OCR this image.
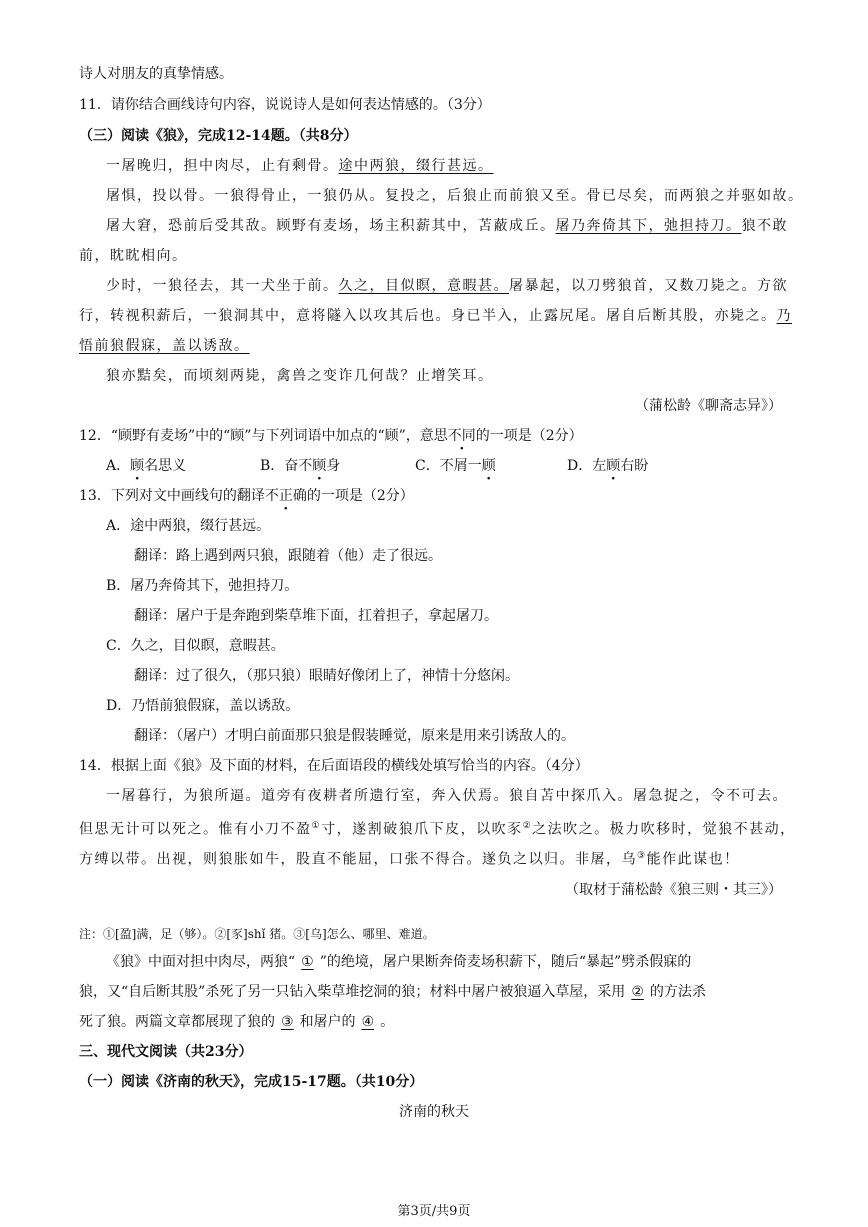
诗人对朋友的真挚情感。
11．请你结合画线诗句内容，说说诗人是如何表达情感的。（3分）
（三）阅读《狼》，完成12-14题。（共8分）
一屠晚归，担中肉尽，止有剩骨。途中两狼，缀行甚远。
屠惧，投以骨。一狼得骨止，一狼仍从。复投之，后狼止而前狼又至。骨已尽矣，而两狼之并驱如故。
屠大窘，恐前后受其敌。顾野有麦场，场主积薪其中，苫蔽成丘。屠乃奔倚其下，弛担持刀。狼不敢
前，眈眈相向。
少时，一狼径去，其一犬坐于前。久之，目似瞑，意暇甚。屠暴起，以刀劈狼首，又数刀毙之。方欲
行，转视积薪后，一狼洞其中，意将隧入以攻其后也。身已半入，止露尻尾。屠自后断其股，亦毙之。乃
悟前狼假寐，盖以诱敌。
狼亦黠矣，而顷刻两毙，禽兽之变诈几何哉？止增笑耳。
（蒲松龄《聊斋志异》）
12．“顾野有麦场”中的“顾”与下列词语中加点的“顾”，意思不同的一项是（2分）
A．顾名思义	B．奋不顾身	C．不屑一顾	D．左顾右盼
13．下列对文中画线句的翻译不正确的一项是（2分）
A．途中两狼，缀行甚远。
翻译：路上遇到两只狼，跟随着（他）走了很远。
B．屠乃奔倚其下，弛担持刀。
翻译：屠户于是奔跑到柴草堆下面，扛着担子，拿起屠刀。
C．久之，目似瞑，意暇甚。
翻译：过了很久，（那只狼）眼睛好像闭上了，神情十分悠闲。
D．乃悟前狼假寐，盖以诱敌。
翻译：（屠户）才明白前面那只狼是假装睡觉，原来是用来引诱敌人的。
14．根据上面《狼》及下面的材料，在后面语段的横线处填写恰当的内容。（4分）
一屠暮行，为狼所逼。道旁有夜耕者所遗行室，奔入伏焉。狼自苫中探爪入。屠急捉之，令不可去。
但思无计可以死之。惟有小刀不盈①寸，遂割破狼爪下皮，以吹豕②之法吹之。极力吹移时，觉狼不甚动，
方缚以带。出视，则狼胀如牛，股直不能屈，口张不得合。遂负之以归。非屠，乌③能作此谋也！
（取材于蒲松龄《狼三则・其三》）
注：①[盈]满，足（够）。②[豕]shǐ 猪。③[乌]怎么、哪里、难道。
《狼》中面对担中肉尽，两狼“ ① ”的绝境，屠户果断奔倚麦场积薪下，随后“暴起”劈杀假寐的
狼，又“自后断其股”杀死了另一只钻入柴草堆挖洞的狼；材料中屠户被狼逼入草屋，采用 ② 的方法杀
死了狼。两篇文章都展现了狼的 ③ 和屠户的 ④ 。
三、现代文阅读（共23分）
（一）阅读《济南的秋天》，完成15-17题。（共10分）
济南的秋天
第3页/共9页
